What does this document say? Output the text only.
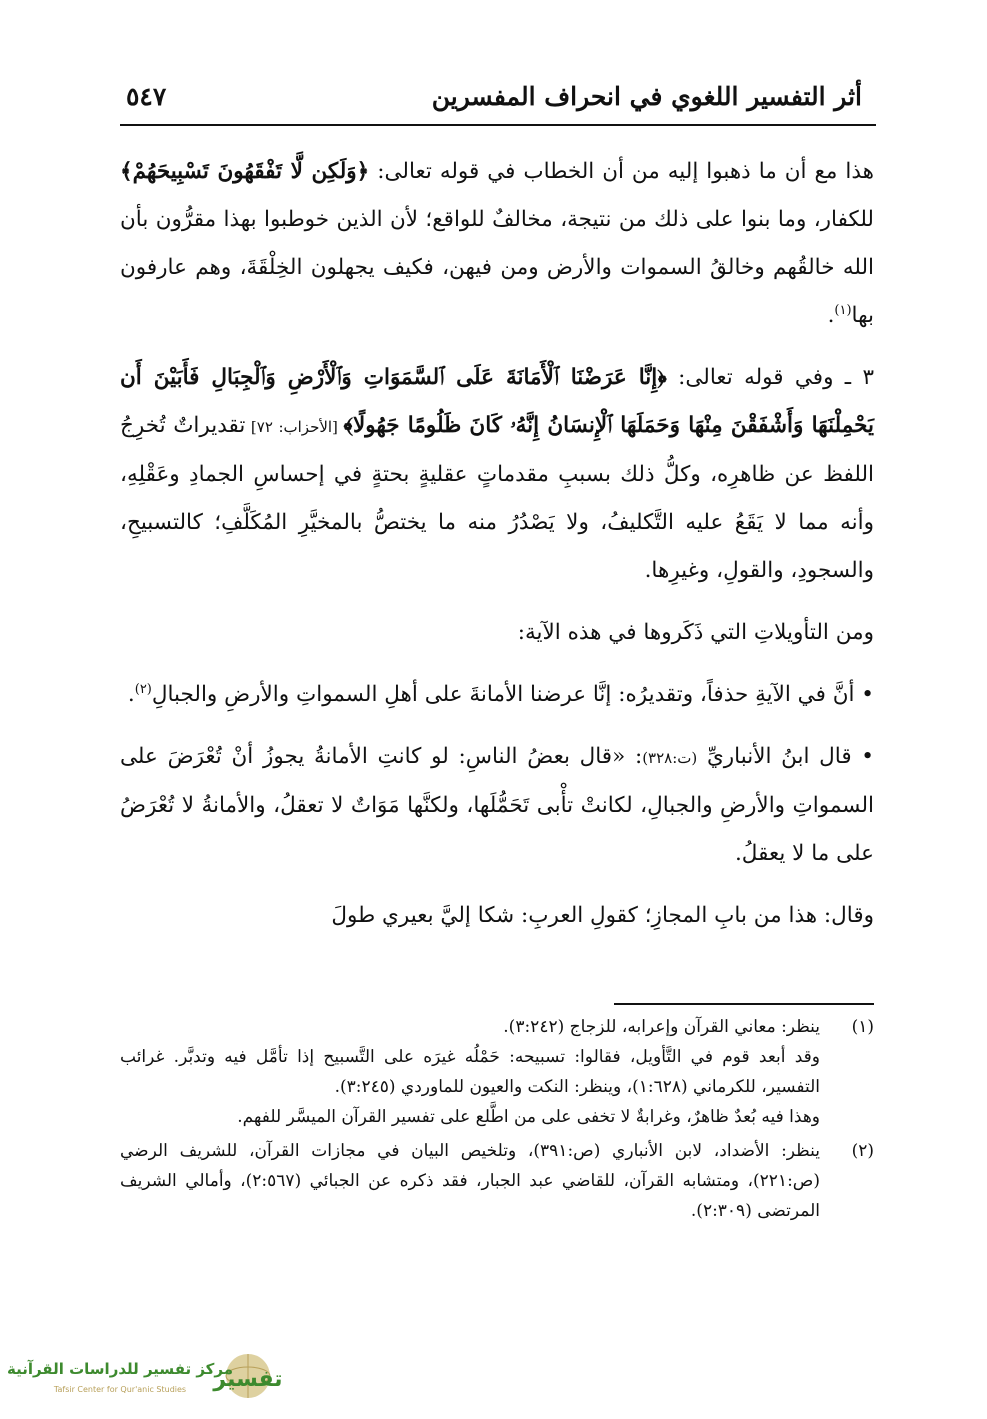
أثر التفسير اللغوي في انحراف المفسرين
٥٤٧

هذا مع أن ما ذهبوا إليه من أن الخطاب في قوله تعالى: ﴿وَلَكِن لَّا تَفْقَهُونَ تَسْبِيحَهُمْ﴾ للكفار، وما بنوا على ذلك من نتيجة، مخالفٌ للواقع؛ لأن الذين خوطبوا بهذا مقرُّون بأن الله خالقُهم وخالقُ السموات والأرض ومن فيهن، فكيف يجهلون الخِلْقَةَ، وهم عارفون بها$^{(١)}$.

٣ ـ وفي قوله تعالى: ﴿إِنَّا عَرَضْنَا ٱلْأَمَانَةَ عَلَى ٱلسَّمَوَاتِ وَٱلْأَرْضِ وَٱلْجِبَالِ فَأَبَيْنَ أَن يَحْمِلْنَهَا وَأَشْفَقْنَ مِنْهَا وَحَمَلَهَا ٱلْإِنسَانُ إِنَّهُۥ كَانَ ظَلُومًا جَهُولًا﴾ [الأحزاب: ٧٢] تقديراتٌ تُخرِجُ اللفظ عن ظاهرِه، وكلُّ ذلك بسببِ مقدماتٍ عقليةٍ بحتةٍ في إحساسِ الجمادِ وعَقْلِهِ، وأنه مما لا يَقَعُ عليه التَّكليفُ، ولا يَصْدُرُ منه ما يختصُّ بالمخيَّرِ المُكَلَّفِ؛ كالتسبيحِ، والسجودِ، والقولِ، وغيرِها.

ومن التأويلاتِ التي ذَكَروها في هذه الآية:

• أنَّ في الآيةِ حذفاً، وتقديرُه: إنَّا عرضنا الأمانةَ على أهلِ السمواتِ والأرضِ والجبالِ$^{(٢)}$.

• قال ابنُ الأنباريِّ (ت:٣٢٨): «قال بعضُ الناسِ: لو كانتِ الأمانةُ يجوزُ أنْ تُعْرَضَ على السمواتِ والأرضِ والجبالِ، لكانتْ تأْبى تَحَمُّلَها، ولكنَّها مَوَاتٌ لا تعقلُ، والأمانةُ لا تُعْرَضُ على ما لا يعقلُ.

وقال: هذا من بابِ المجازِ؛ كقولِ العربِ: شكا إليَّ بعيري طولَ

(١)
ينظر: معاني القرآن وإعرابه، للزجاج (٣:٢٤٢).
وقد أبعد قوم في التَّأويل، فقالوا: تسبيحه: حَمْلُه غيرَه على التَّسبيح إذا تأمَّل فيه وتدبَّر. غرائب التفسير، للكرماني (١:٦٢٨)، وينظر: النكت والعيون للماوردي (٣:٢٤٥).
وهذا فيه بُعدٌ ظاهرٌ، وغرابةٌ لا تخفى على من اطَّلع على تفسير القرآن الميسَّر للفهم.
(٢)
ينظر: الأضداد، لابن الأنباري (ص:٣٩١)، وتلخيص البيان في مجازات القرآن، للشريف الرضي (ص:٢٢١)، ومتشابه القرآن، للقاضي عبد الجبار، فقد ذكره عن الجبائي (٢:٥٦٧)، وأمالي الشريف المرتضى (٢:٣٠٩).
تفسير
مركز تفسير للدراسات القرآنية
Tafsir Center for Qur'anic Studies
